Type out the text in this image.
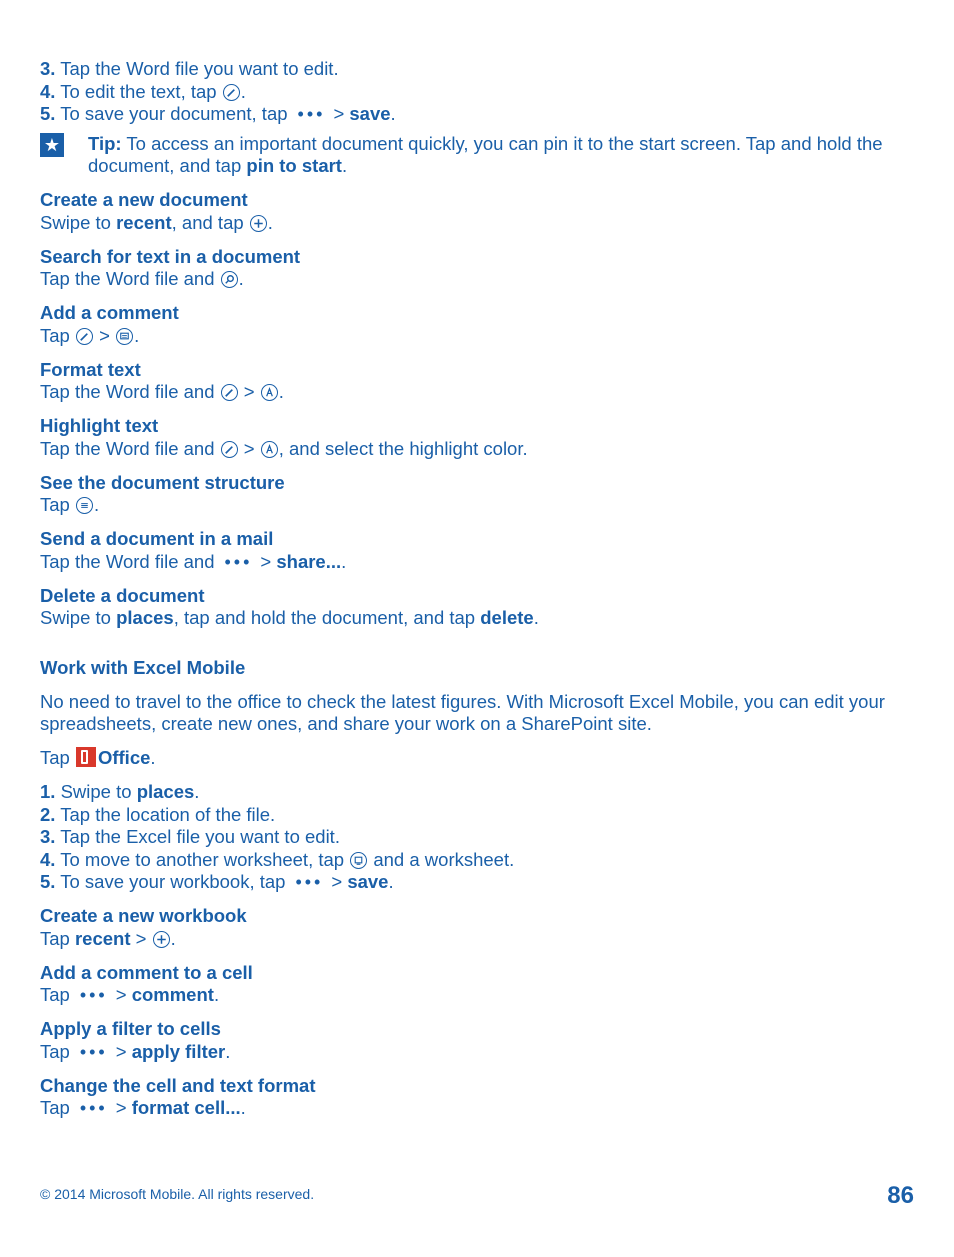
3. Tap the Word file you want to edit.
4. To edit the text, tap .
5. To save your document, tap ••• > save.
★ Tip: To access an important document quickly, you can pin it to the start screen. Tap and hold the document, and tap pin to start.
Create a new document
Swipe to recent, and tap .
Search for text in a document
Tap the Word file and .
Add a comment
Tap > .
Format text
Tap the Word file and > .
Highlight text
Tap the Word file and > , and select the highlight color.
See the document structure
Tap .
Send a document in a mail
Tap the Word file and ••• > share....
Delete a document
Swipe to places, tap and hold the document, and tap delete.
Work with Excel Mobile
No need to travel to the office to check the latest figures. With Microsoft Excel Mobile, you can edit your spreadsheets, create new ones, and share your work on a SharePoint site.
Tap Office.
1. Swipe to places.
2. Tap the location of the file.
3. Tap the Excel file you want to edit.
4. To move to another worksheet, tap and a worksheet.
5. To save your workbook, tap ••• > save.
Create a new workbook
Tap recent > .
Add a comment to a cell
Tap ••• > comment.
Apply a filter to cells
Tap ••• > apply filter.
Change the cell and text format
Tap ••• > format cell....
© 2014 Microsoft Mobile. All rights reserved.	86
